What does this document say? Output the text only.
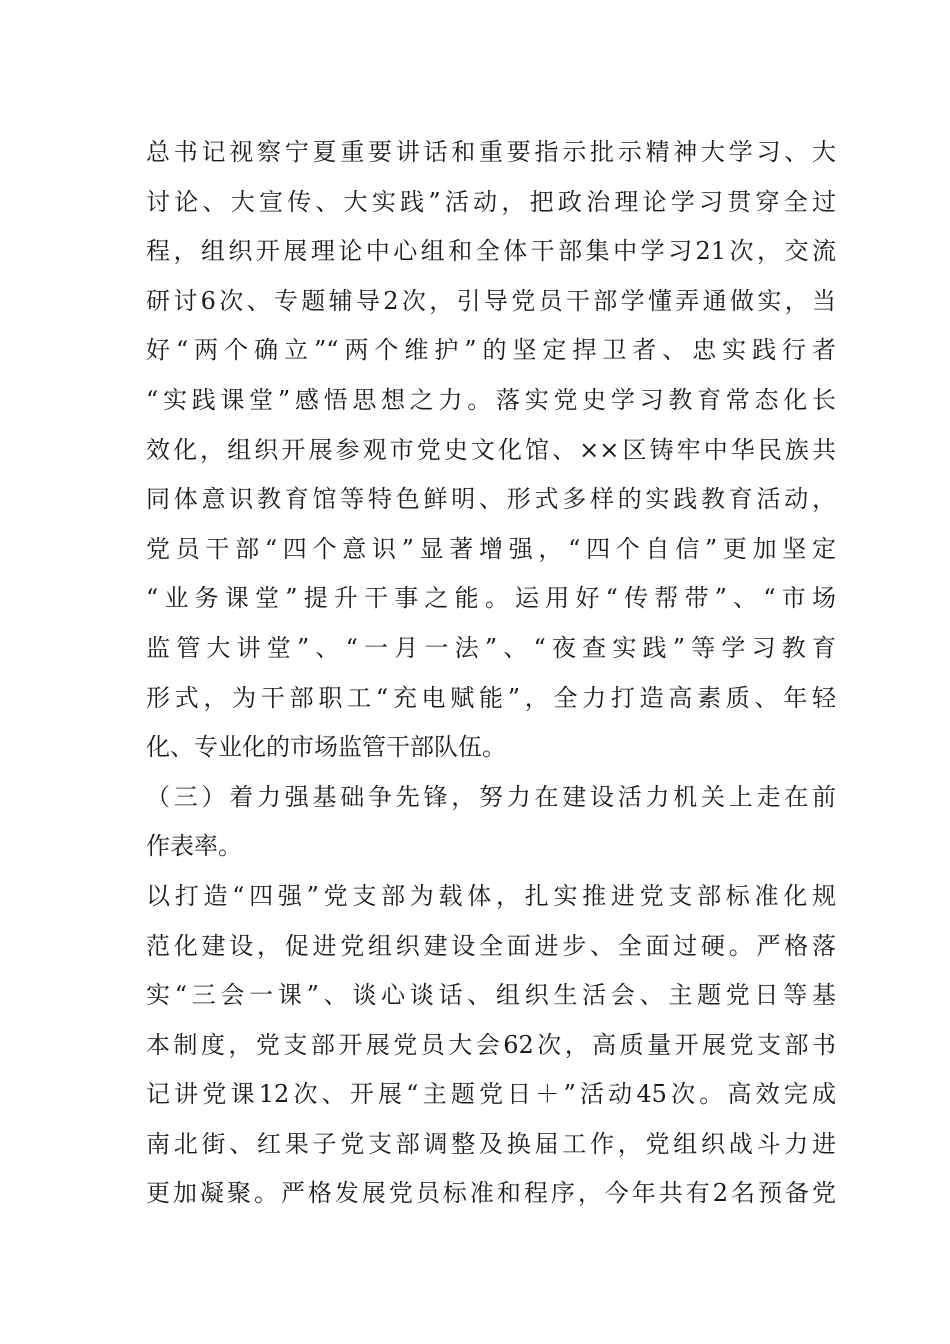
总书记视察宁夏重要讲话和重要指示批示精神大学习、大
讨论、大宣传、大实践”活动，把政治理论学习贯穿全过
程，组织开展理论中心组和全体干部集中学习21次，交流
研讨6次、专题辅导2次，引导党员干部学懂弄通做实，当
好“两个确立”“两个维护”的坚定捍卫者、忠实践行者
“实践课堂”感悟思想之力。落实党史学习教育常态化长
效化，组织开展参观市党史文化馆、××区铸牢中华民族共
同体意识教育馆等特色鲜明、形式多样的实践教育活动，
党员干部“四个意识”显著增强，“四个自信”更加坚定
“业务课堂”提升干事之能。运用好“传帮带”、“市场
监管大讲堂”、“一月一法”、“夜查实践”等学习教育
形式，为干部职工“充电赋能”，全力打造高素质、年轻
化、专业化的市场监管干部队伍。
（三）着力强基础争先锋，努力在建设活力机关上走在前
作表率。
以打造“四强”党支部为载体，扎实推进党支部标准化规
范化建设，促进党组织建设全面进步、全面过硬。严格落
实“三会一课”、谈心谈话、组织生活会、主题党日等基
本制度，党支部开展党员大会62次，高质量开展党支部书
记讲党课12次、开展“主题党日＋”活动45次。高效完成
南北街、红果子党支部调整及换届工作，党组织战斗力进
更加凝聚。严格发展党员标准和程序，今年共有2名预备党
